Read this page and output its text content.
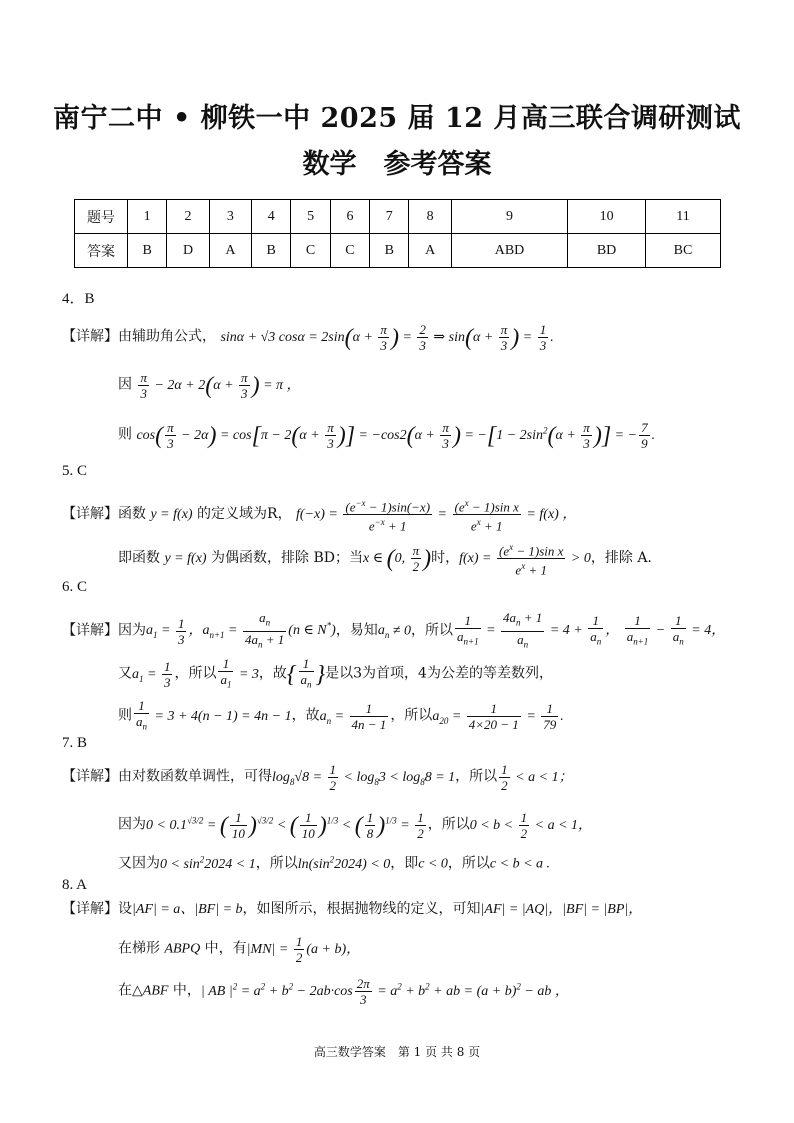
南宁二中 • 柳铁一中 2025 届 12 月高三联合调研测试
数学　参考答案
题号	1	2	3	4	5	6	7	8	9	10	11
答案	B	D	A	B	C	C	B	A	ABD	BD	BC
4．B
【详解】由辅助角公式， sinα + √3 $\cos\alpha = 2\sin(\alpha + \frac{\pi}{3}$ ) = $\frac{2}{3}$ ⇒ $\sin(\alpha + \frac{\pi}{3}$ ) = $\frac{1}{3}$ .
因 $\frac{\pi}{3} - 2\alpha + 2(\alpha + \frac{\pi}{3}$ ) = π ，
则 $\cos( \frac{\pi}{3} - 2\alpha) = \cos[\pi - 2(\alpha + \frac{\pi}{3}$ )] = $-\cos 2(\alpha + \frac{\pi}{3}$ ) = $-[1 - 2\sin^2(\alpha + \frac{\pi}{3}$ )] = − $\frac{7}{9}$ .
5. C
【详解】函数 y = f(x) 的定义域为R， $f(-x) = \frac{(e^{-x} - 1)\sin(-x)}{e^{-x} + 1} = \frac{(e^x - 1)\sin x}{e^x + 1} = f(x)$ ，
即函数 y = f(x) 为偶函数，排除 BD；当x ∈ (0, $\frac{\pi}{2}$ )时，$f(x) = \frac{(e^x - 1)\sin x}{e^x + 1} > 0$，排除 A.
6. C
【详解】因为$a_1 = \frac{1}{3}$ ，$a_{n+1} = \frac{a_n}{4a_n + 1} (n$ ∈ N*)，易知$a_n \ne 0$，所以 $\frac{1}{a_{n+1}} = \frac{4a_n + 1}{a_n} = 4 + \frac{1}{a_n}$ ， $\frac{1}{a_{n+1}} - \frac{1}{a_n} = 4$，
又$a_1 = \frac{1}{3}$ ，所以 $\frac{1}{a_1} = 3$，故{ $\frac{1}{a_n}$ }是以3为首项，4为公差的等差数列，
则 $\frac{1}{a_n} = 3 + 4(n - 1) = 4n - 1$，故$a_n = \frac{1}{4n - 1}$ ，所以$a_{20} = \frac{1}{4\times 20 - 1} = \frac{1}{79}$ .
7. B
【详解】由对数函数单调性，可得$\log_8√8 = \frac{1}{2} < \log_83 < \log_88 = 1$，所以 $\frac{1}{2} < a < 1$；
因为$0 < 0.1^{√3/2}$ = ( $\frac{1}{10} )^{√3/2}$ < ( $\frac{1}{10} )^{1/3}$ < ( $\frac{1}{8} )^{1/3} = \frac{1}{2}$ ，所以$0 < b < \frac{1}{2} < a < 1$，
又因为$0 < \sin^22024 < 1$，所以$\ln(\sin^22024) < 0$，即c < 0，所以c < b < a .
8. A
【详解】设|AF| = a、|BF| = b，如图所示，根据抛物线的定义，可知|AF| = |AQ|，|BF| = |BP|，
在梯形 ABPQ 中，有$|MN| = \frac{1}{2} (a + b)$，
在△ABF 中，| AB $|^2 = a^2 + b^2 - 2ab\cdot\cos \frac{2\pi}{3} = a^2 + b^2$ + ab = $(a + b)^2$ − ab ，
高三数学答案　第 1 页 共 8 页
